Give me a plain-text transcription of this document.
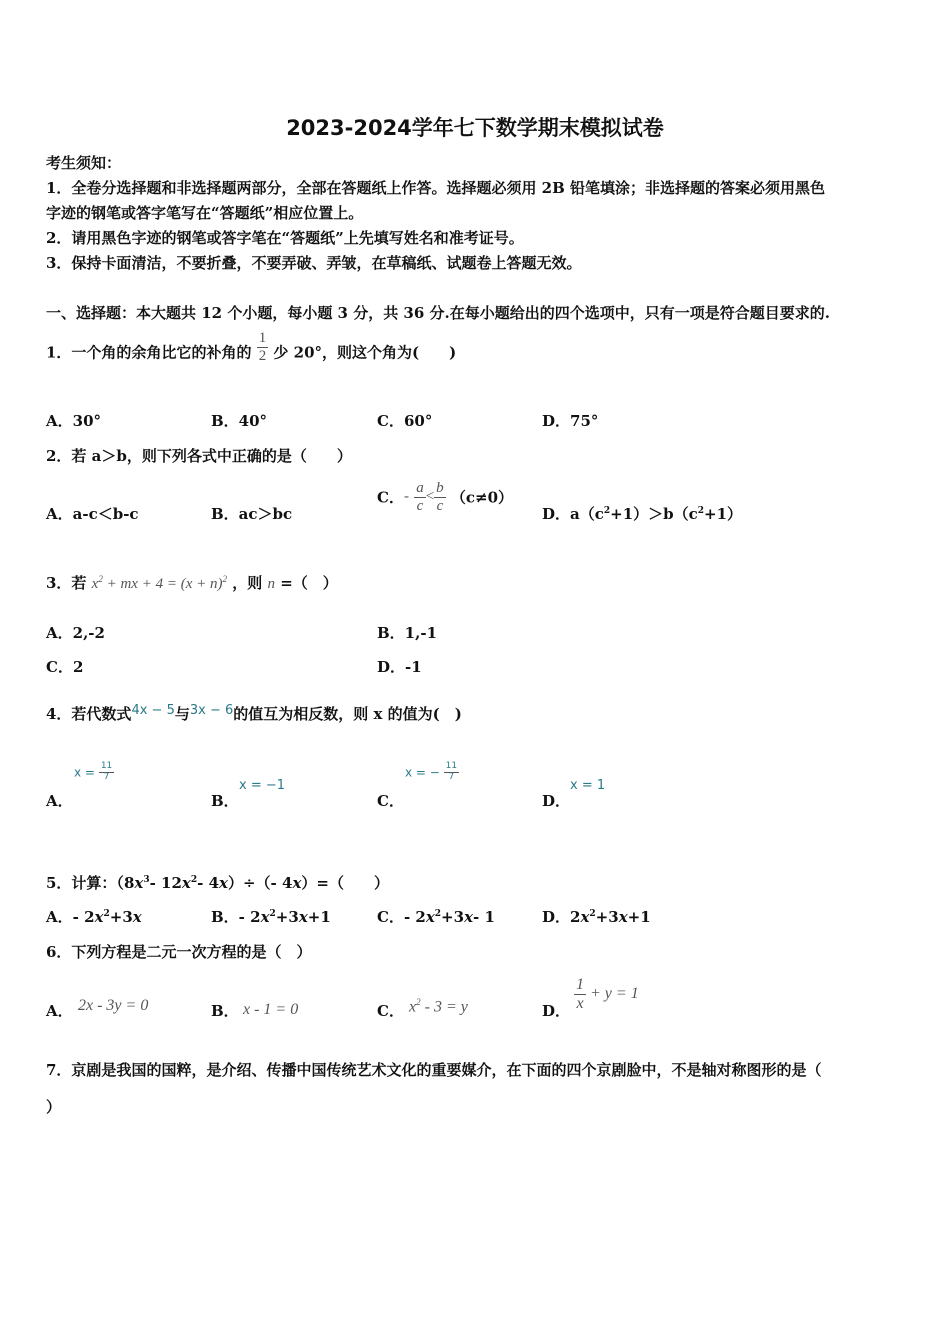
2023-2024学年七下数学期末模拟试卷
考生须知：
1．全卷分选择题和非选择题两部分，全部在答题纸上作答。选择题必须用 2B 铅笔填涂；非选择题的答案必须用黑色
字迹的钢笔或答字笔写在“答题纸”相应位置上。
2．请用黑色字迹的钢笔或答字笔在“答题纸”上先填写姓名和准考证号。
3．保持卡面清洁，不要折叠，不要弄破、弄皱，在草稿纸、试题卷上答题无效。
一、选择题：本大题共 12 个小题，每小题 3 分，共 36 分.在每小题给出的四个选项中，只有一项是符合题目要求的.
1．一个角的余角比它的补角的 $\frac{1}{2}$ 少 20°，则这个角为(　　)
A．30°	B．40°	C．60°	D．75°
2．若 a＞b，则下列各式中正确的是（　　）
A．a-c＜b-c	B．ac＞bc
C．- $\frac{a}{c} < \frac{b}{c} (c\ne 0)$
D．$a(c^2+1)>b(c^2+1)$
3．若 $x^2$ + mx + $4 = (x + n)^2$ ，则 n =（　）
A．2,-2	B．1,-1
C．2	D．-1
4．若代数式4x − 5与3x − 6的值互为相反数，则 x 的值为(　)
A．
$x = \frac{11}{7}$
B．
x = −1
C．
x = − $\frac{11}{7}$
D．
x = 1
5．计算：（$8x^3-$ $12x^2-$ 4x）÷（- 4x）=（　　）
A．- $2x^2+3x$	B．- $2x^2+3x+1$	C．- $2x^2+3x-$ 1	D．$2x^2+3x+1$
6．下列方程是二元一次方程的是（　）
A． 2x - 3y = 0	B． x - 1 = 0	C． $x^2 - 3 = y$	D． $\frac{1}{x} + y = 1$
7．京剧是我国的国粹，是介绍、传播中国传统艺术文化的重要媒介，在下面的四个京剧脸中，不是轴对称图形的是（
）
